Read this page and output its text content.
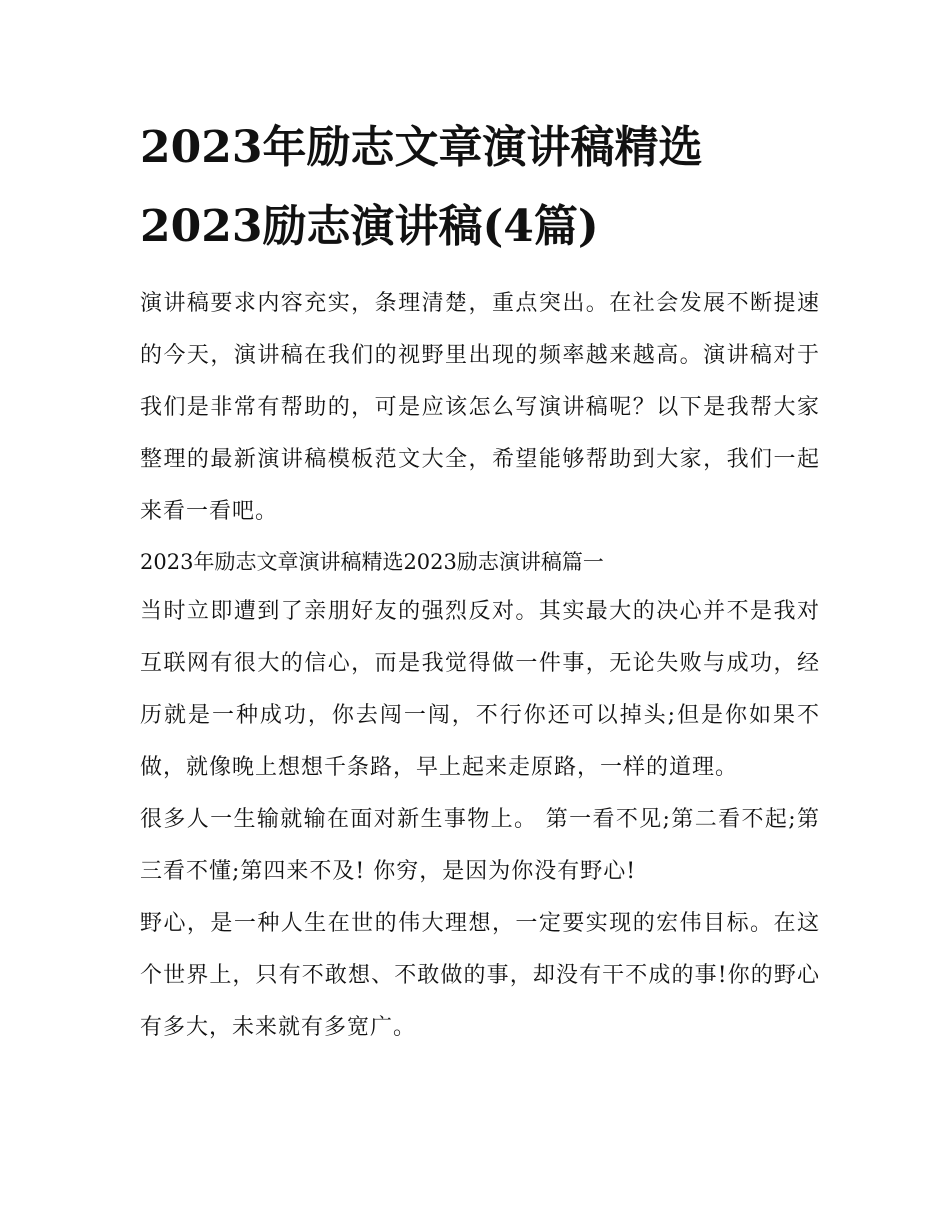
2023年励志文章演讲稿精选
2023励志演讲稿(4篇)

演讲稿要求内容充实，条理清楚，重点突出。在社会发展不断提速的今天，演讲稿在我们的视野里出现的频率越来越高。演讲稿对于我们是非常有帮助的，可是应该怎么写演讲稿呢？以下是我帮大家整理的最新演讲稿模板范文大全，希望能够帮助到大家，我们一起来看一看吧。

2023年励志文章演讲稿精选2023励志演讲稿篇一

当时立即遭到了亲朋好友的强烈反对。其实最大的决心并不是我对互联网有很大的信心，而是我觉得做一件事，无论失败与成功，经历就是一种成功，你去闯一闯，不行你还可以掉头;但是你如果不做，就像晚上想想千条路，早上起来走原路，一样的道理。

很多人一生输就输在面对新生事物上。 第一看不见;第二看不起;第三看不懂;第四来不及! 你穷，是因为你没有野心!

野心，是一种人生在世的伟大理想，一定要实现的宏伟目标。在这个世界上，只有不敢想、不敢做的事，却没有干不成的事!你的野心有多大，未来就有多宽广。
